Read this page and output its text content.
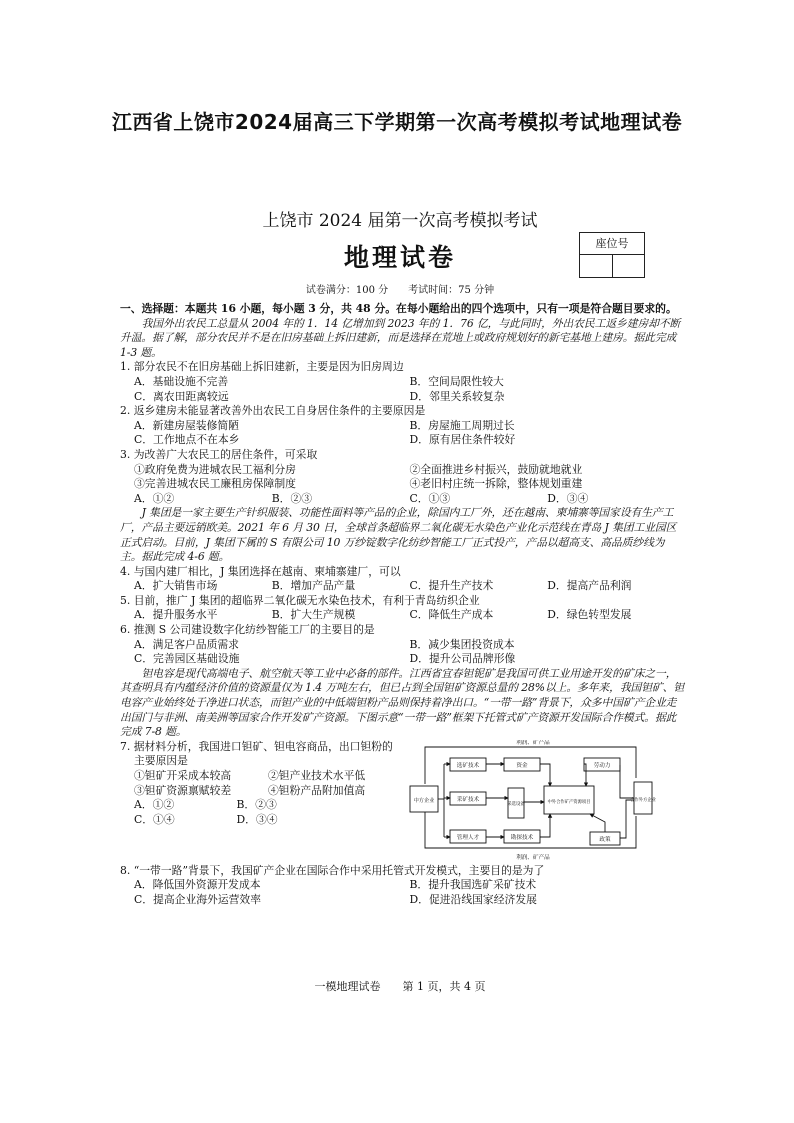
江西省上饶市2024届高三下学期第一次高考模拟考试地理试卷
上饶市 2024 届第一次高考模拟考试
地理试卷	座位号
试卷满分：100 分　　考试时间：75 分钟
一、选择题：本题共 16 小题，每小题 3 分，共 48 分。在每小题给出的四个选项中，只有一项是符合题目要求的。
我国外出农民工总量从 2004 年的 1．14 亿增加到 2023 年的 1．76 亿，与此同时，外出农民工返乡建房却不断升温。据了解，部分农民并不是在旧房基础上拆旧建新，而是选择在荒地上或政府规划好的新宅基地上建房。据此完成 1-3 题。
1. 部分农民不在旧房基础上拆旧建新，主要是因为旧房周边
A．基础设施不完善	B．空间局限性较大
C．离农田距离较远	D．邻里关系较复杂
2. 返乡建房未能显著改善外出农民工自身居住条件的主要原因是
A．新建房屋装修简陋	B．房屋施工周期过长
C．工作地点不在本乡	D．原有居住条件较好
3. 为改善广大农民工的居住条件，可采取
①政府免费为进城农民工福利分房	②全面推进乡村振兴，鼓励就地就业
③完善进城农民工廉租房保障制度	④老旧村庄统一拆除，整体规划重建
A．①②	B．②③	C．①③	D．③④
J 集团是一家主要生产针织服装、功能性面料等产品的企业，除国内工厂外，还在越南、柬埔寨等国家设有生产工厂，产品主要远销欧美。2021 年 6 月 30 日，全球首条超临界二氧化碳无水染色产业化示范线在青岛 J 集团工业园区正式启动。目前，J 集团下属的 S 有限公司 10 万纱锭数字化纺纱智能工厂正式投产，产品以超高支、高品质纱线为主。据此完成 4-6 题。
4. 与国内建厂相比，J 集团选择在越南、柬埔寨建厂，可以
A．扩大销售市场	B．增加产品产量	C．提升生产技术	D．提高产品利润
5. 目前，推广 J 集团的超临界二氧化碳无水染色技术，有利于青岛纺织企业
A．提升服务水平	B．扩大生产规模	C．降低生产成本	D．绿色转型发展
6. 推测 S 公司建设数字化纺纱智能工厂的主要目的是
A．满足客户品质需求	B．减少集团投资成本
C．完善园区基础设施	D．提升公司品牌形像
钽电容是现代高端电子、航空航天等工业中必备的部件。江西省宜春钽铌矿是我国可供工业用途开发的矿床之一，其查明具有内蕴经济价值的资源量仅为 1.4 万吨左右，但已占到全国钽矿资源总量的 28%以上。多年来，我国钽矿、钽电容产业始终处于净进口状态，而钽产业的中低端钽粉产品则保持着净出口。“一带一路”背景下，众多中国矿产企业走出国门与非洲、南美洲等国家合作开发矿产资源。下图示意“一带一路”框架下托管式矿产资源开发国际合作模式。据此完成 7-8 题。
7. 据材料分析，我国进口钽矿、钽电容商品，出口钽粉的主要原因是
①钽矿开采成本较高	②钽产业技术水平低
③钽矿资源禀赋较差	④钽粉产品附加值高
A．①②	B．②③
C．①④	D．③④
利润、矿产品
利润、矿产品
中方企业	合作外方企业
选矿技术
采矿技术
管理人才
资金
采选设备
勘探技术
中外合作矿产资源项目
劳动力
政策
8. “一带一路”背景下，我国矿产企业在国际合作中采用托管式开发模式，主要目的是为了
A．降低国外资源开发成本	B．提升我国选矿采矿技术
C．提高企业海外运营效率	D．促进沿线国家经济发展
一模地理试卷　　第 1 页，共 4 页
